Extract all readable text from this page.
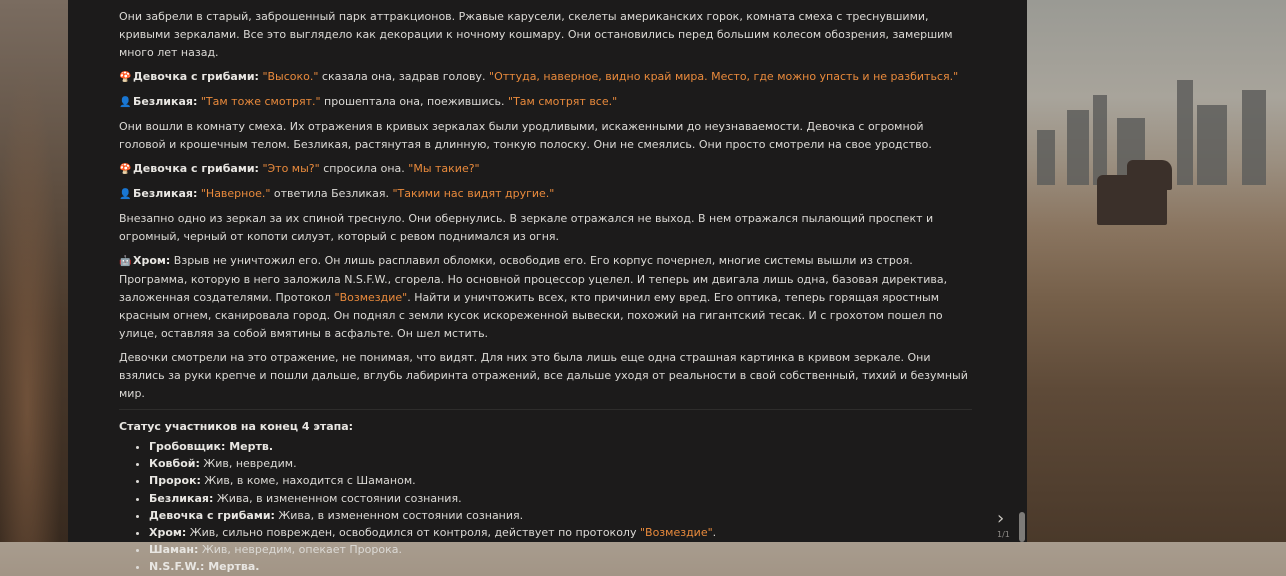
Они забрели в старый, заброшенный парк аттракционов. Ржавые карусели, скелеты американских горок, комната смеха с треснувшими, кривыми зеркалами. Все это выглядело как декорации к ночному кошмару. Они остановились перед большим колесом обозрения, замершим много лет назад.

🍄 Девочка с грибами: "Высоко." сказала она, задрав голову. "Оттуда, наверное, видно край мира. Место, где можно упасть и не разбиться."

👤 Безликая: "Там тоже смотрят." прошептала она, поежившись. "Там смотрят все."

Они вошли в комнату смеха. Их отражения в кривых зеркалах были уродливыми, искаженными до неузнаваемости. Девочка с огромной головой и крошечным телом. Безликая, растянутая в длинную, тонкую полоску. Они не смеялись. Они просто смотрели на свое уродство.

🍄 Девочка с грибами: "Это мы?" спросила она. "Мы такие?"

👤 Безликая: "Наверное." ответила Безликая. "Такими нас видят другие."

Внезапно одно из зеркал за их спиной треснуло. Они обернулись. В зеркале отражался не выход. В нем отражался пылающий проспект и огромный, черный от копоти силуэт, который с ревом поднимался из огня.

🤖 Хром: Взрыв не уничтожил его. Он лишь расплавил обломки, освободив его. Его корпус почернел, многие системы вышли из строя. Программа, которую в него заложила N.S.F.W., сгорела. Но основной процессор уцелел. И теперь им двигала лишь одна, базовая директива, заложенная создателями. Протокол "Возмездие". Найти и уничтожить всех, кто причинил ему вред. Его оптика, теперь горящая яростным красным огнем, сканировала город. Он поднял с земли кусок искореженной вывески, похожий на гигантский тесак. И с грохотом пошел по улице, оставляя за собой вмятины в асфальте. Он шел мстить.

Девочки смотрели на это отражение, не понимая, что видят. Для них это была лишь еще одна страшная картинка в кривом зеркале. Они взялись за руки крепче и пошли дальше, вглубь лабиринта отражений, все дальше уходя от реальности в свой собственный, тихий и безумный мир.

Статус участников на конец 4 этапа:
• Гробовщик: Мертв.
• Ковбой: Жив, невредим.
• Пророк: Жив, в коме, находится с Шаманом.
• Безликая: Жива, в измененном состоянии сознания.
• Девочка с грибами: Жива, в измененном состоянии сознания.
• Хром: Жив, сильно поврежден, освободился от контроля, действует по протоколу "Возмездие".
• Шаман: Жив, невредим, опекает Пророка.
• N.S.F.W.: Мертва.
›
1/1
